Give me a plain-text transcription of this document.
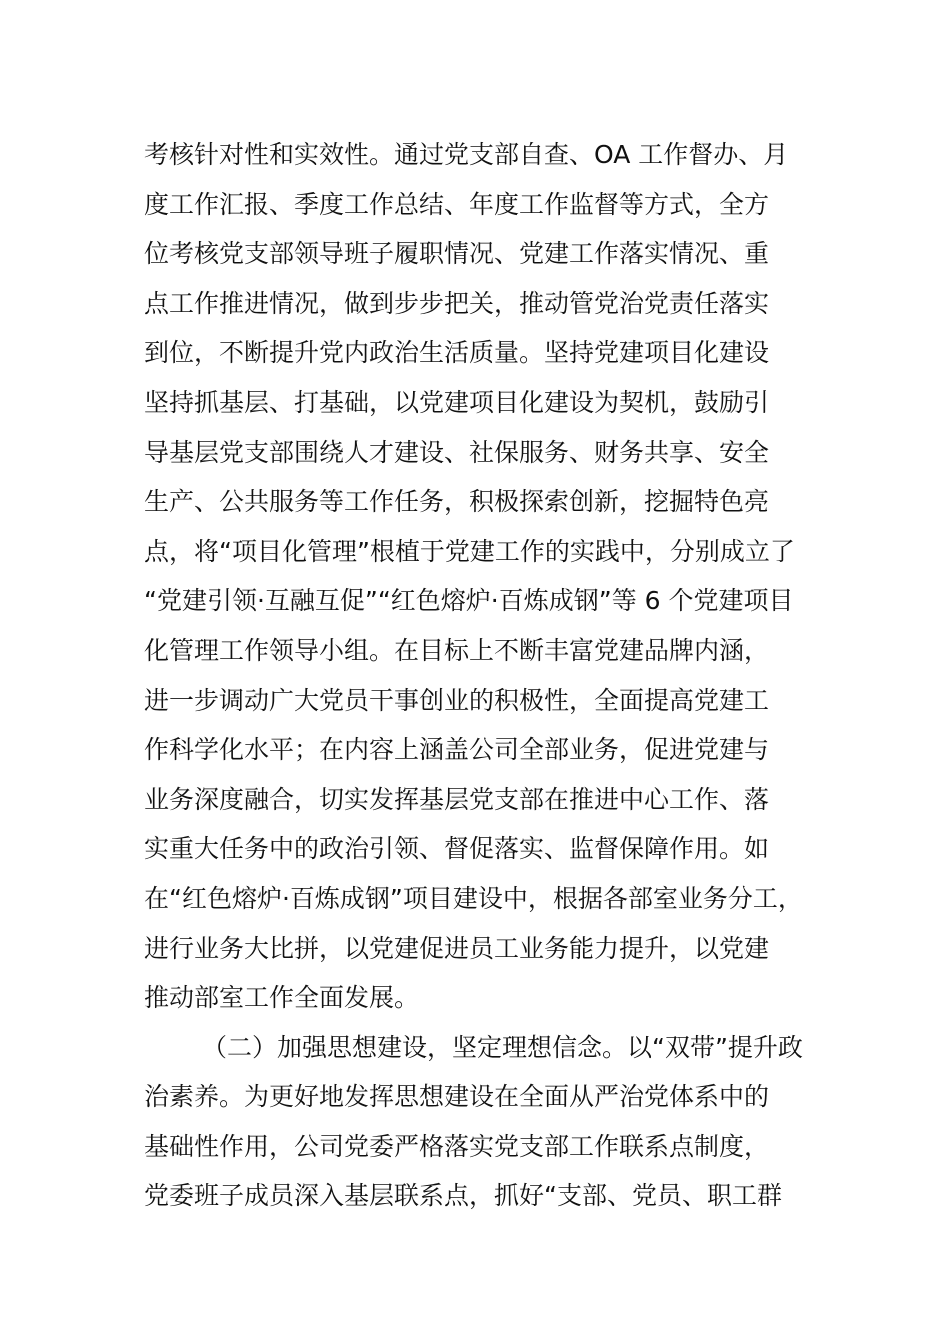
考核针对性和实效性。通过党支部自查、OA 工作督办、月
度工作汇报、季度工作总结、年度工作监督等方式，全方
位考核党支部领导班子履职情况、党建工作落实情况、重
点工作推进情况，做到步步把关，推动管党治党责任落实
到位，不断提升党内政治生活质量。坚持党建项目化建设
坚持抓基层、打基础，以党建项目化建设为契机，鼓励引
导基层党支部围绕人才建设、社保服务、财务共享、安全
生产、公共服务等工作任务，积极探索创新，挖掘特色亮
点，将“项目化管理”根植于党建工作的实践中，分别成立了
“党建引领·互融互促”“红色熔炉·百炼成钢”等 6 个党建项目
化管理工作领导小组。在目标上不断丰富党建品牌内涵，
进一步调动广大党员干事创业的积极性，全面提高党建工
作科学化水平；在内容上涵盖公司全部业务，促进党建与
业务深度融合，切实发挥基层党支部在推进中心工作、落
实重大任务中的政治引领、督促落实、监督保障作用。如
在“红色熔炉·百炼成钢”项目建设中，根据各部室业务分工，
进行业务大比拼，以党建促进员工业务能力提升，以党建
推动部室工作全面发展。
（二）加强思想建设，坚定理想信念。以“双带”提升政
治素养。为更好地发挥思想建设在全面从严治党体系中的
基础性作用，公司党委严格落实党支部工作联系点制度，
党委班子成员深入基层联系点，抓好“支部、党员、职工群
